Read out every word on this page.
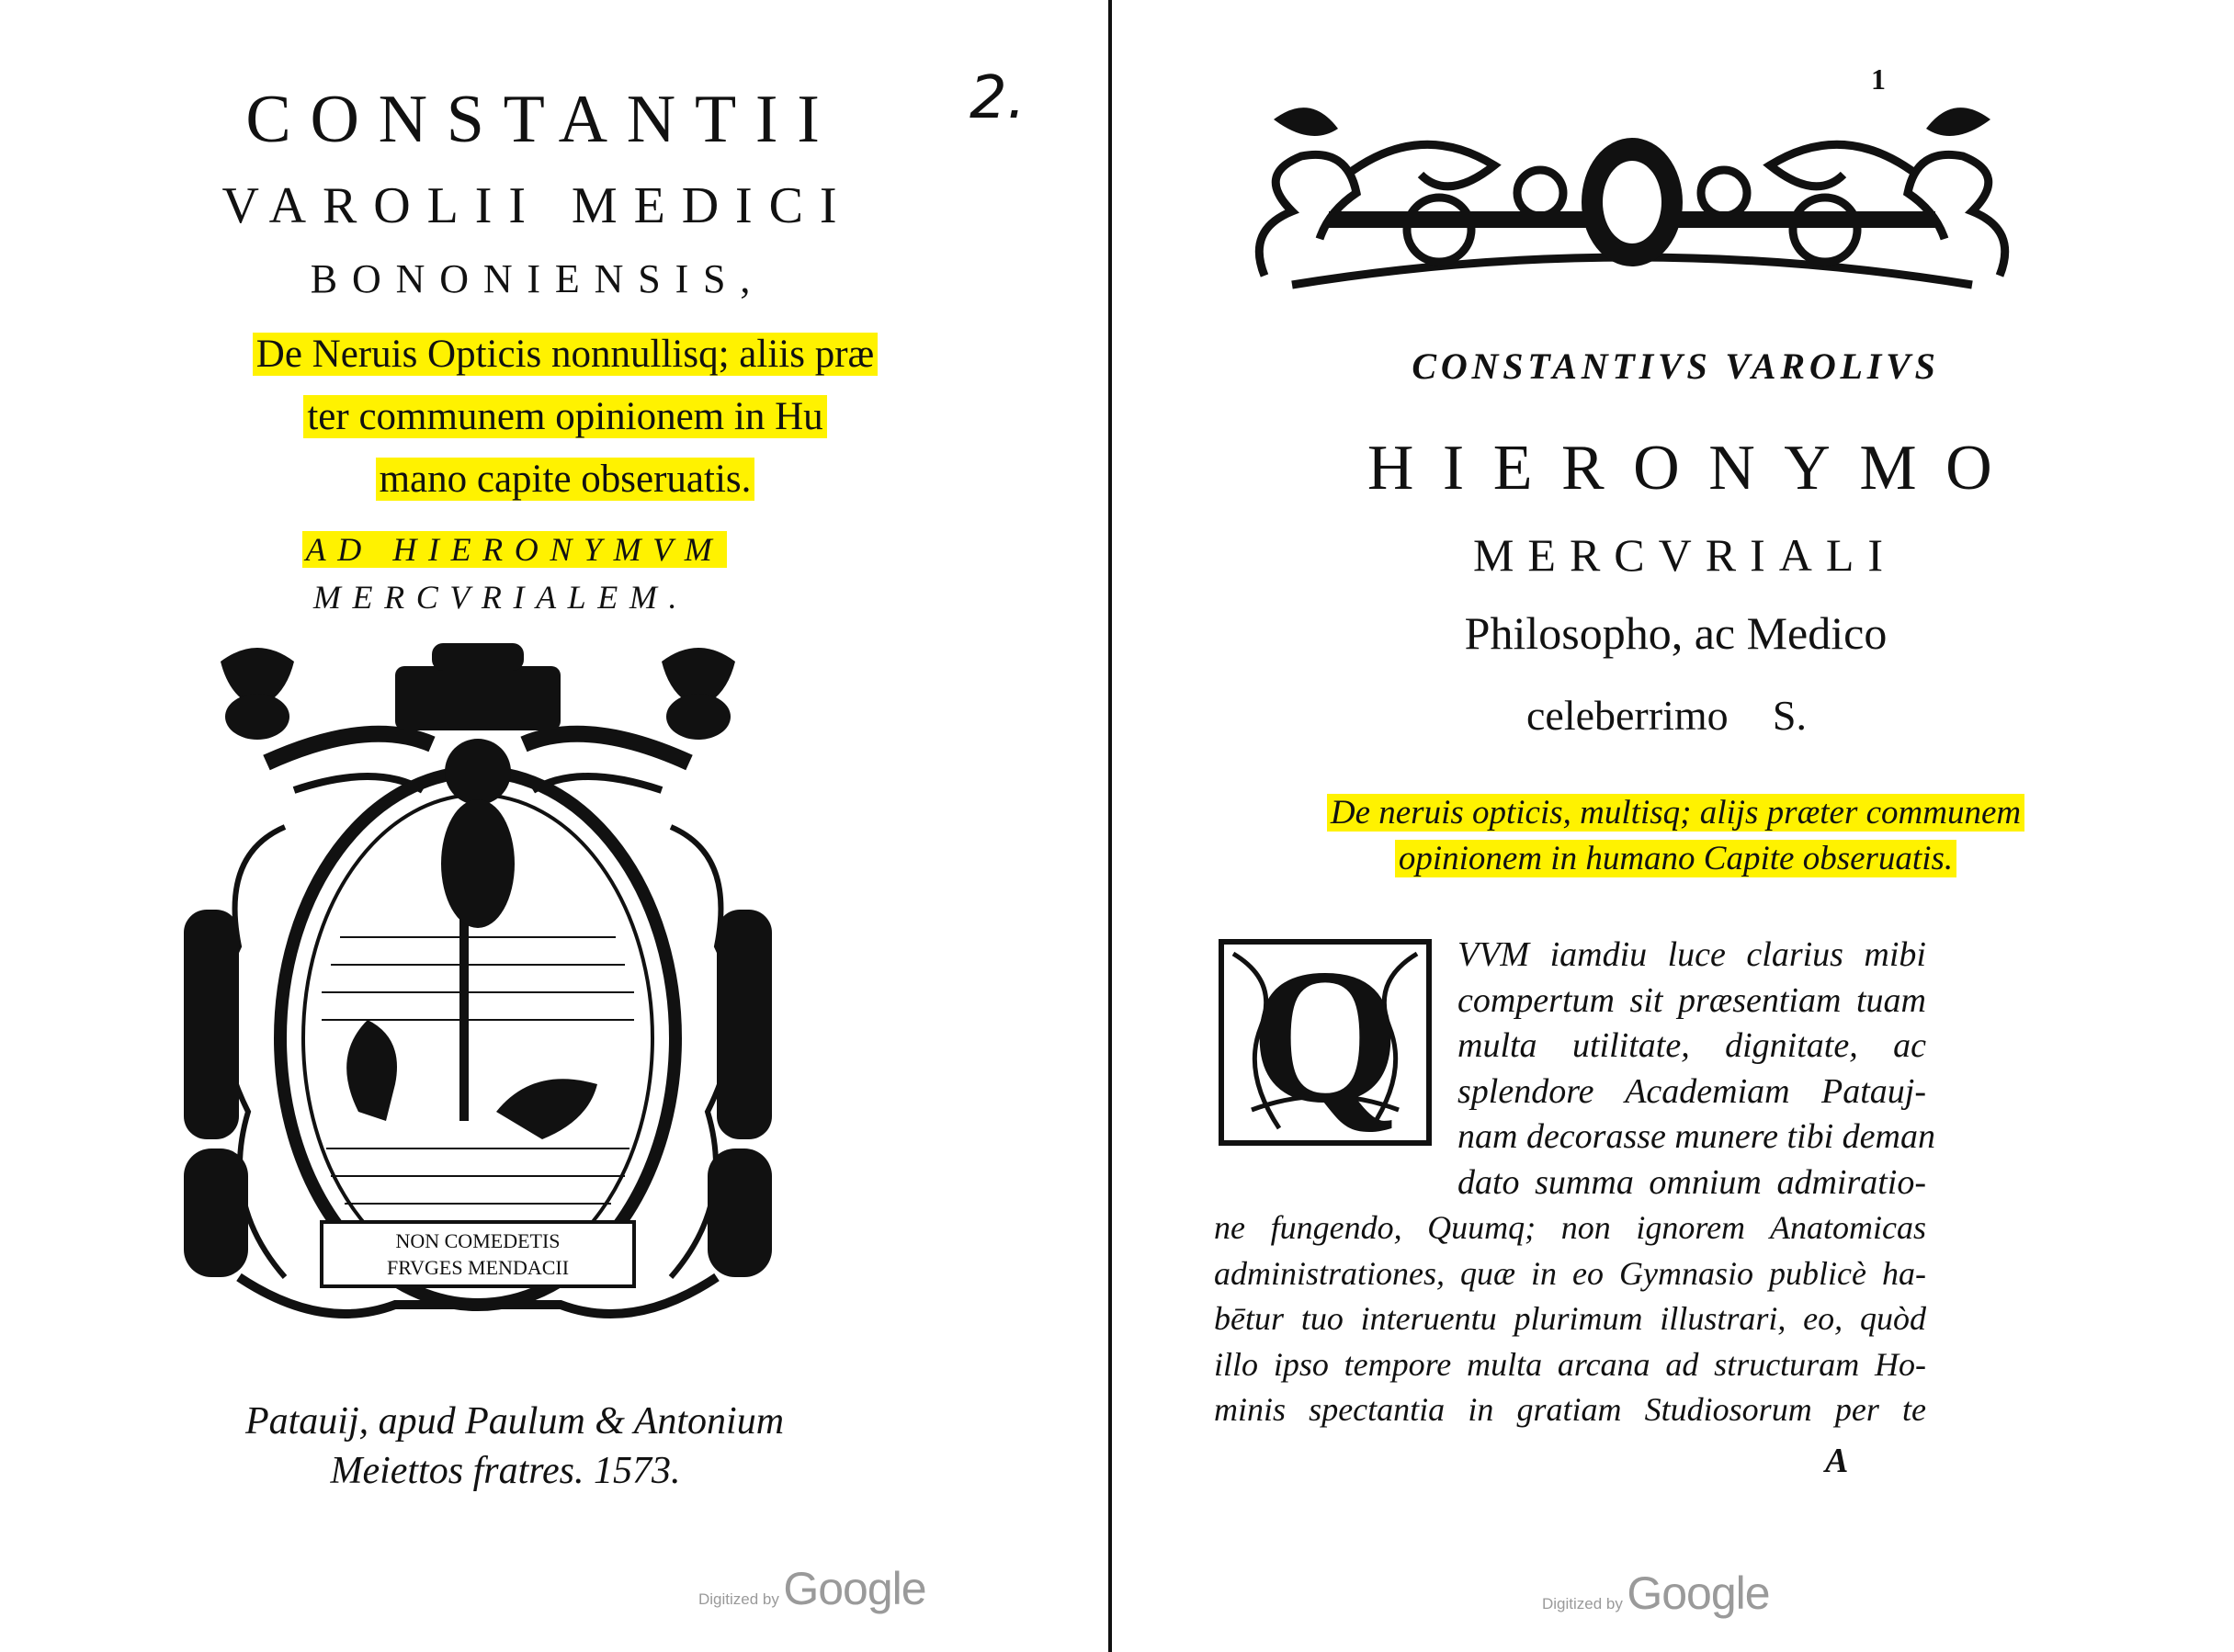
2.
CONSTANTII
VAROLII MEDICI
BONONIENSIS,
De Neruis Opticis nonnullisq; aliis præ
ter communem opinionem in Hu
mano capite obseruatis.
AD HIERONYMVM
MERCVRIALEM.
NON COMEDETIS
FRVGES MENDACII
Patauij, apud Paulum & Antonium
Meiettos fratres. 1573.
Digitized by Google
1
CONSTANTIVS VAROLIVS
HIERONYMO
MERCVRIALI
Philosopho, ac Medico
celeberrimo S.
De neruis opticis, multisq; alijs præter communem
opinionem in humano Capite obseruatis.
Q	VVM iamdiu luce clarius mibi
compertum sit præsentiam tuam
multa utilitate, dignitate, ac
splendore Academiam Patauj-
nam decorasse munere tibi deman
dato summa omnium admiratio-
ne fungendo, Quumq; non ignorem Anatomicas
administrationes, quæ in eo Gymnasio publicè ha-
bētur tuo interuentu plurimum illustrari, eo, quòd
illo ipso tempore multa arcana ad structuram Ho-
minis spectantia in gratiam Studiosorum per te
A
Digitized by Google
